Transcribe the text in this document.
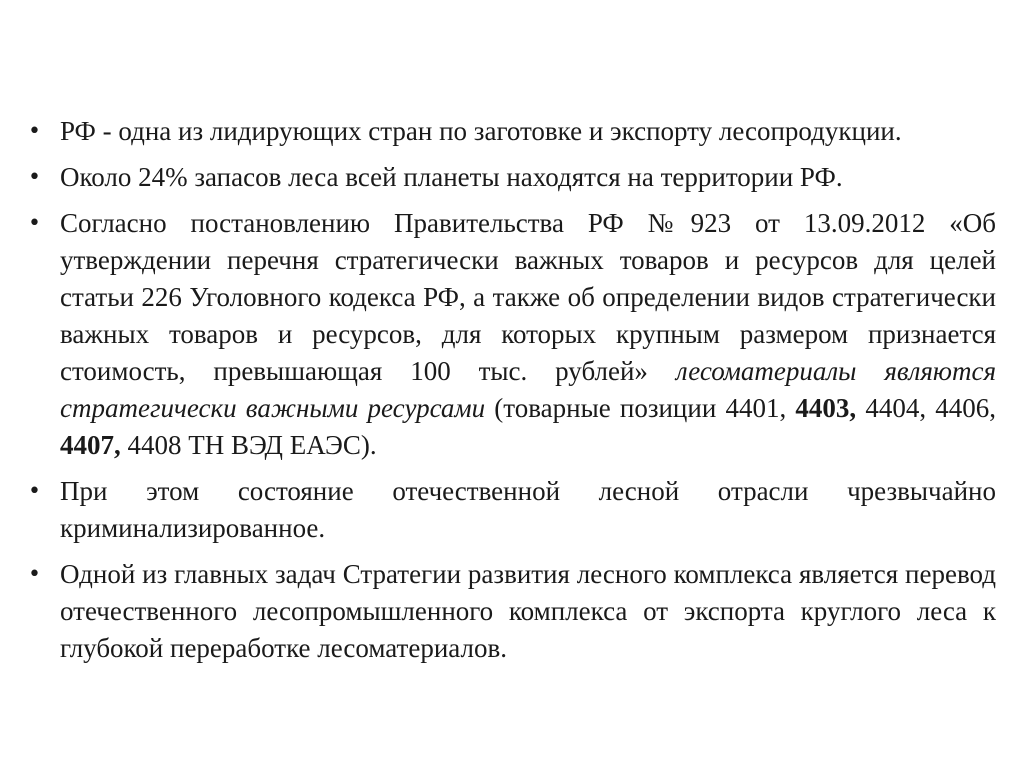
• РФ - одна из лидирующих стран по заготовке и экспорту лесопродукции.
• Около 24% запасов леса всей планеты находятся на территории РФ.
• Согласно постановлению Правительства РФ №923 от 13.09.2012 «Об утверждении перечня стратегически важных товаров и ресурсов для целей статьи 226 Уголовного кодекса РФ, а также об определении видов стратегически важных товаров и ресурсов, для которых крупным размером признается стоимость, превышающая 100 тыс. рублей» лесоматериалы являются стратегически важными ресурсами (товарные позиции 4401, 4403, 4404, 4406, 4407, 4408 ТН ВЭД ЕАЭС).
• При этом состояние отечественной лесной отрасли чрезвычайно криминализированное.
• Одной из главных задач Стратегии развития лесного комплекса является перевод отечественного лесопромышленного комплекса от экспорта круглого леса к глубокой переработке лесоматериалов.
